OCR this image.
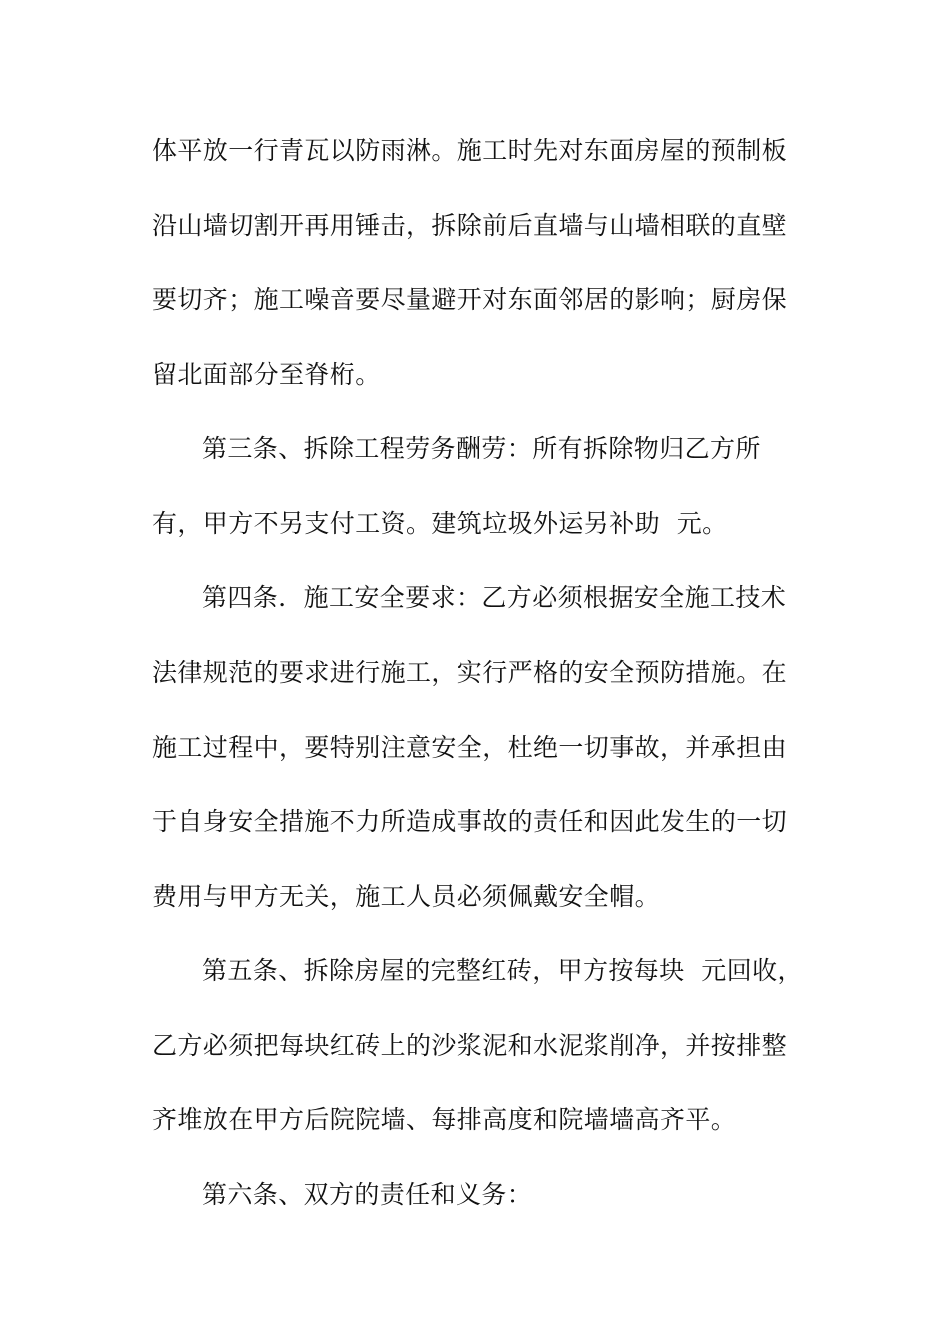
体平放一行青瓦以防雨淋。施工时先对东面房屋的预制板
沿山墙切割开再用锤击，拆除前后直墙与山墙相联的直壁
要切齐；施工噪音要尽量避开对东面邻居的影响；厨房保
留北面部分至脊桁。
第三条、拆除工程劳务酬劳：所有拆除物归乙方所
有，甲方不另支付工资。建筑垃圾外运另补助  元。
第四条．施工安全要求：乙方必须根据安全施工技术
法律规范的要求进行施工，实行严格的安全预防措施。在
施工过程中，要特别注意安全，杜绝一切事故，并承担由
于自身安全措施不力所造成事故的责任和因此发生的一切
费用与甲方无关，施工人员必须佩戴安全帽。
第五条、拆除房屋的完整红砖，甲方按每块  元回收，
乙方必须把每块红砖上的沙浆泥和水泥浆削净，并按排整
齐堆放在甲方后院院墙、每排高度和院墙墙高齐平。
第六条、双方的责任和义务：
